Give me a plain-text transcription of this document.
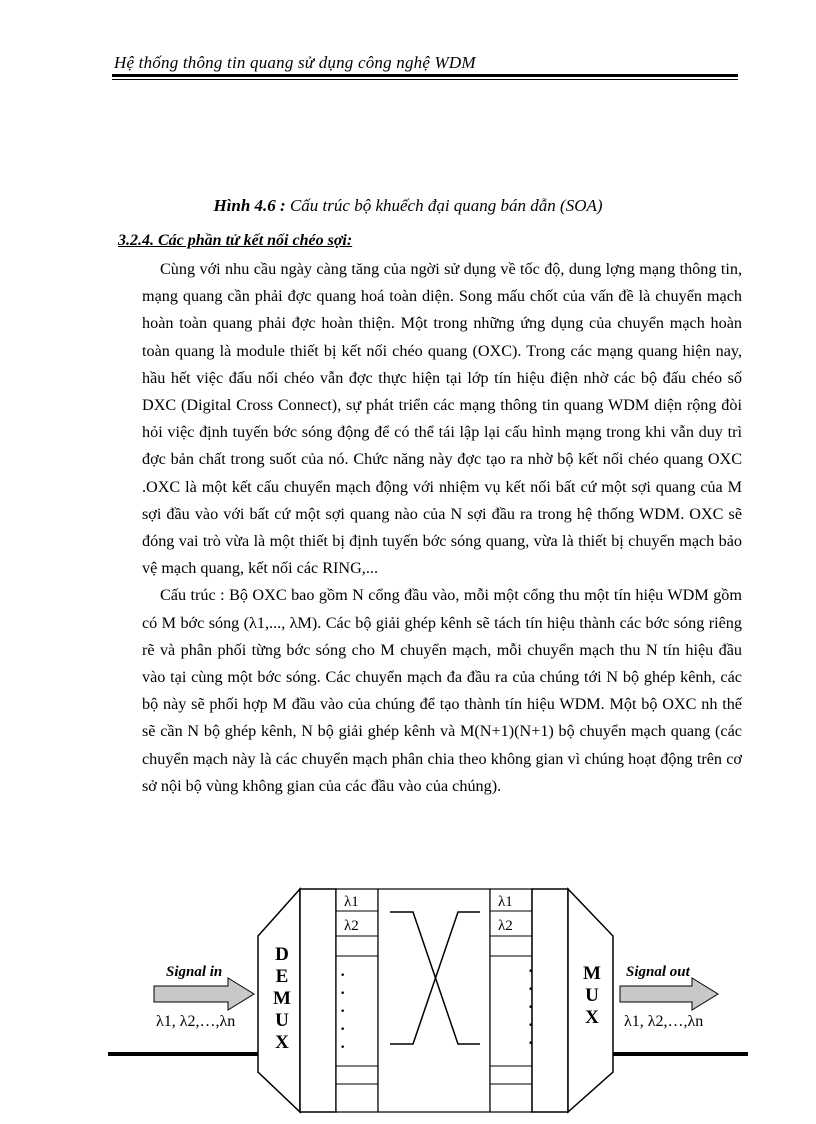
Hệ thống thông tin quang sử dụng công nghệ WDM
Hình 4.6 : Cấu trúc bộ khuếch đại quang bán dẫn (SOA)
3.2.4. Các phần tử kết nối chéo sợi:

Cùng với nhu cầu ngày càng tăng của ngời sử dụng về tốc độ, dung lợng mạng thông tin, mạng quang cần phải đợc quang hoá toàn diện. Song mấu chốt của vấn đề là chuyển mạch hoàn toàn quang phải đợc hoàn thiện. Một trong những ứng dụng của chuyển mạch hoàn toàn quang là module thiết bị kết nối chéo quang (OXC). Trong các mạng quang hiện nay, hầu hết việc đấu nối chéo vẫn đợc thực hiện tại lớp tín hiệu điện nhờ các bộ đấu chéo số DXC (Digital Cross Connect), sự phát triển các mạng thông tin quang WDM diện rộng đòi hỏi việc định tuyến bớc sóng động để có thể tái lập lại cấu hình mạng trong khi vẫn duy trì đợc bản chất trong suốt của nó. Chức năng này đợc tạo ra nhờ bộ kết nối chéo quang OXC .OXC là một kết cấu chuyển mạch động với nhiệm vụ kết nối bất cứ một sợi quang của M sợi đầu vào với bất cứ một sợi quang nào của N sợi đầu ra trong hệ thống WDM. OXC sẽ đóng vai trò vừa là một thiết bị định tuyến bớc sóng quang, vừa là thiết bị chuyển mạch bảo vệ mạch quang, kết nối các RING,...

Cấu trúc : Bộ OXC bao gồm N cổng đầu vào, mỗi một cổng thu một tín hiệu WDM gồm có M bớc sóng (λ1,..., λM). Các bộ giải ghép kênh sẽ tách tín hiệu thành các bớc sóng riêng rẽ và phân phối từng bớc sóng cho M chuyển mạch, mỗi chuyển mạch thu N tín hiệu đầu vào tại cùng một bớc sóng. Các chuyển mạch đa đầu ra của chúng tới N bộ ghép kênh, các bộ này sẽ phối hợp M đầu vào của chúng để tạo thành tín hiệu WDM. Một bộ OXC nh thế sẽ cần N bộ ghép kênh, N bộ giải ghép kênh và M(N+1)(N+1) bộ chuyển mạch quang (các chuyển mạch này là các chuyển mạch phân chia theo không gian vì chúng hoạt động trên cơ sở nội bộ vùng không gian của các đầu vào của chúng).

λ1
λ2
λ1
λ2
·
·
·
·
·
·
·
·
·
·
D
E
M
U
X
M
U
X
Signal in
λ1, λ2,…,λn
Signal out
λ1, λ2,…,λn
